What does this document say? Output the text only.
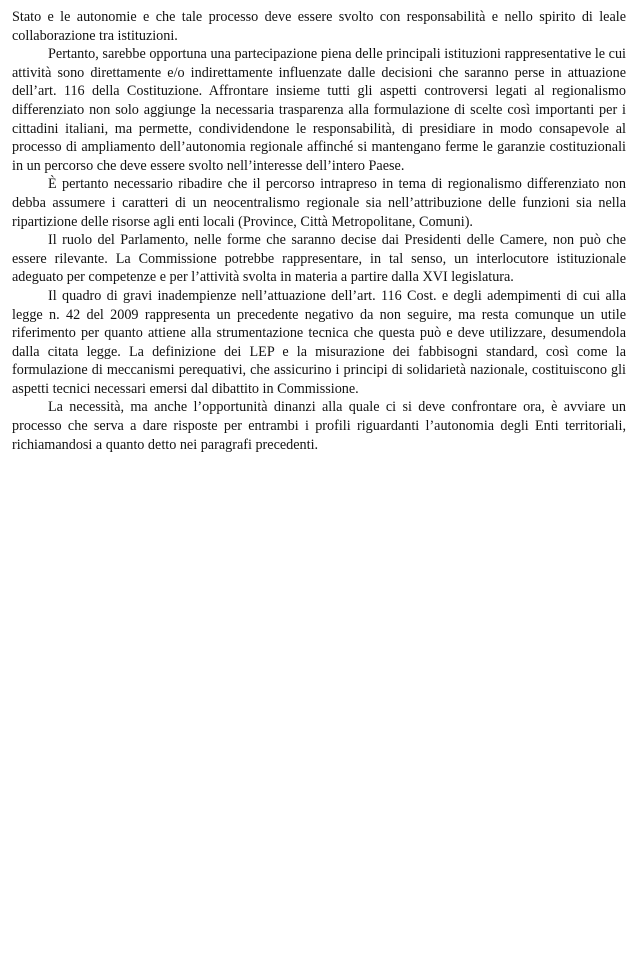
Stato e le autonomie e che tale processo deve essere svolto con responsabilità e nello spirito di leale collaborazione tra istituzioni.

Pertanto, sarebbe opportuna una partecipazione piena delle principali istituzioni rappresentative le cui attività sono direttamente e/o indirettamente influenzate dalle decisioni che saranno perse in attuazione dell’art. 116 della Costituzione. Affrontare insieme tutti gli aspetti controversi legati al regionalismo differenziato non solo aggiunge la necessaria trasparenza alla formulazione di scelte così importanti per i cittadini italiani, ma permette, condividendone le responsabilità, di presidiare in modo consapevole al processo di ampliamento dell’autonomia regionale affinché si mantengano ferme le garanzie costituzionali in un percorso che deve essere svolto nell’interesse dell’intero Paese.

È pertanto necessario ribadire che il percorso intrapreso in tema di regionalismo differenziato non debba assumere i caratteri di un neocentralismo regionale sia nell’attribuzione delle funzioni sia nella ripartizione delle risorse agli enti locali (Province, Città Metropolitane, Comuni).

Il ruolo del Parlamento, nelle forme che saranno decise dai Presidenti delle Camere, non può che essere rilevante. La Commissione potrebbe rappresentare, in tal senso, un interlocutore istituzionale adeguato per competenze e per l’attività svolta in materia a partire dalla XVI legislatura.

Il quadro di gravi inadempienze nell’attuazione dell’art. 116 Cost. e degli adempimenti di cui alla legge n. 42 del 2009 rappresenta un precedente negativo da non seguire, ma resta comunque un utile riferimento per quanto attiene alla strumentazione tecnica che questa può e deve utilizzare, desumendola dalla citata legge. La definizione dei LEP e la misurazione dei fabbisogni standard, così come la formulazione di meccanismi perequativi, che assicurino i principi di solidarietà nazionale, costituiscono gli aspetti tecnici necessari emersi dal dibattito in Commissione.

La necessità, ma anche l’opportunità dinanzi alla quale ci si deve confrontare ora, è avviare un processo che serva a dare risposte per entrambi i profili riguardanti l’autonomia degli Enti territoriali, richiamandosi a quanto detto nei paragrafi precedenti.
